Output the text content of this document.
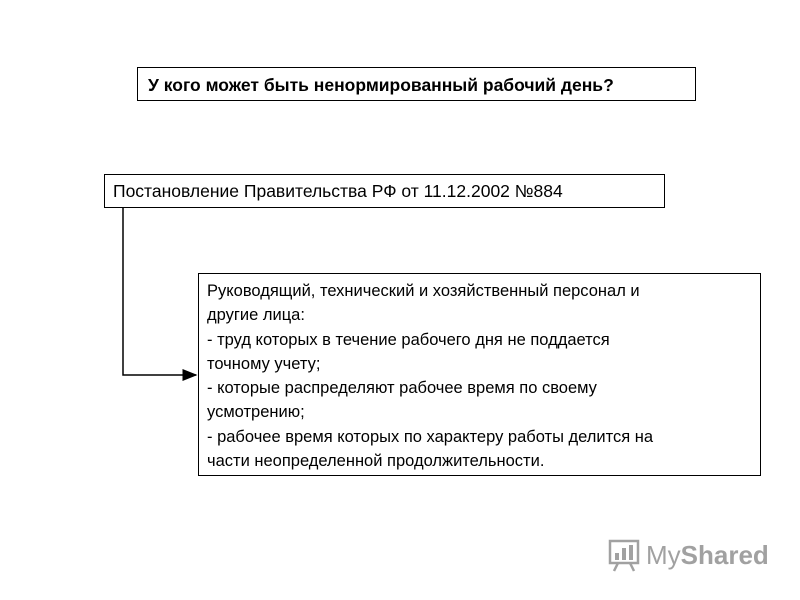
У кого может быть ненормированный рабочий день?
Постановление Правительства РФ от 11.12.2002 №884
Руководящий, технический и хозяйственный персонал и
другие лица:
- труд которых в течение рабочего дня не поддается
точному учету;
- которые распределяют рабочее время по своему
усмотрению;
- рабочее время которых по характеру работы делится на
части неопределенной продолжительности.
MyShared
